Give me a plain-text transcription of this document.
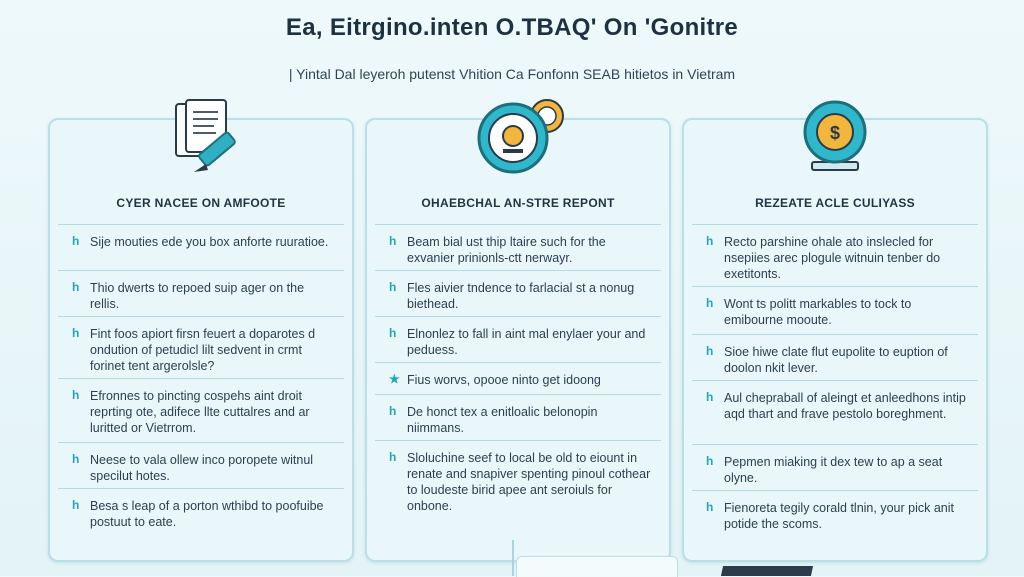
Ea, Eitrgino.inten O.TBAQ' On 'Gonitre
| Yintal Dal leyeroh putenst Vhition Ca Fonfonn SEAB hitietos in Vietram
CYER NACEE ON AMFOOTE
h Sije mouties ede you box anforte ruuratioe.
h Thio dwerts to repoed suip ager on the rellis.
h Fint foos apiort firsn feuert a doparotes d ondution of petudicl lilt sedvent in crmt forinet tent argerolsle?
h Efronnes to pincting cospehs aint droit reprting ote, adifece llte cuttalres and ar luritted or Vietrrom.
h Neese to vala ollew inco poropete witnul specilut hotes.
h Besa s leap of a porton wthibd to poofuibe postuut to eate.
OHAEBCHAL AN-STRE REPONT
h Beam bial ust thip ltaire such for the exvanier prinionls-ctt nerwayr.
h Fles aivier tndence to farlacial st a nonug biethead.
h Elnonlez to fall in aint mal enylaer your and peduess.
★ Fius worvs, opooe ninto get idoong
h De honct tex a enitloalic belonopin niimmans.
h Sloluchine seef to local be old to eiount in renate and snapiver spenting pinoul cothear to loudeste birid apee ant seroiuls for onbone.
$
REZEATE ACLE CULIYASS
h Recto parshine ohale ato inslecled for nsepiies arec plogule witnuin tenber do exetitonts.
h Wont ts politt markables to tock to emibourne mooute.
h Sioe hiwe clate flut eupolite to euption of doolon nkit lever.
h Aul chepraball of aleingt et anleedhons intip aqd thart and frave pestolo boreghment.
h Pepmen miaking it dex tew to ap a seat olyne.
h Fienoreta tegily corald tlnin, your pick anit potide the scoms.
